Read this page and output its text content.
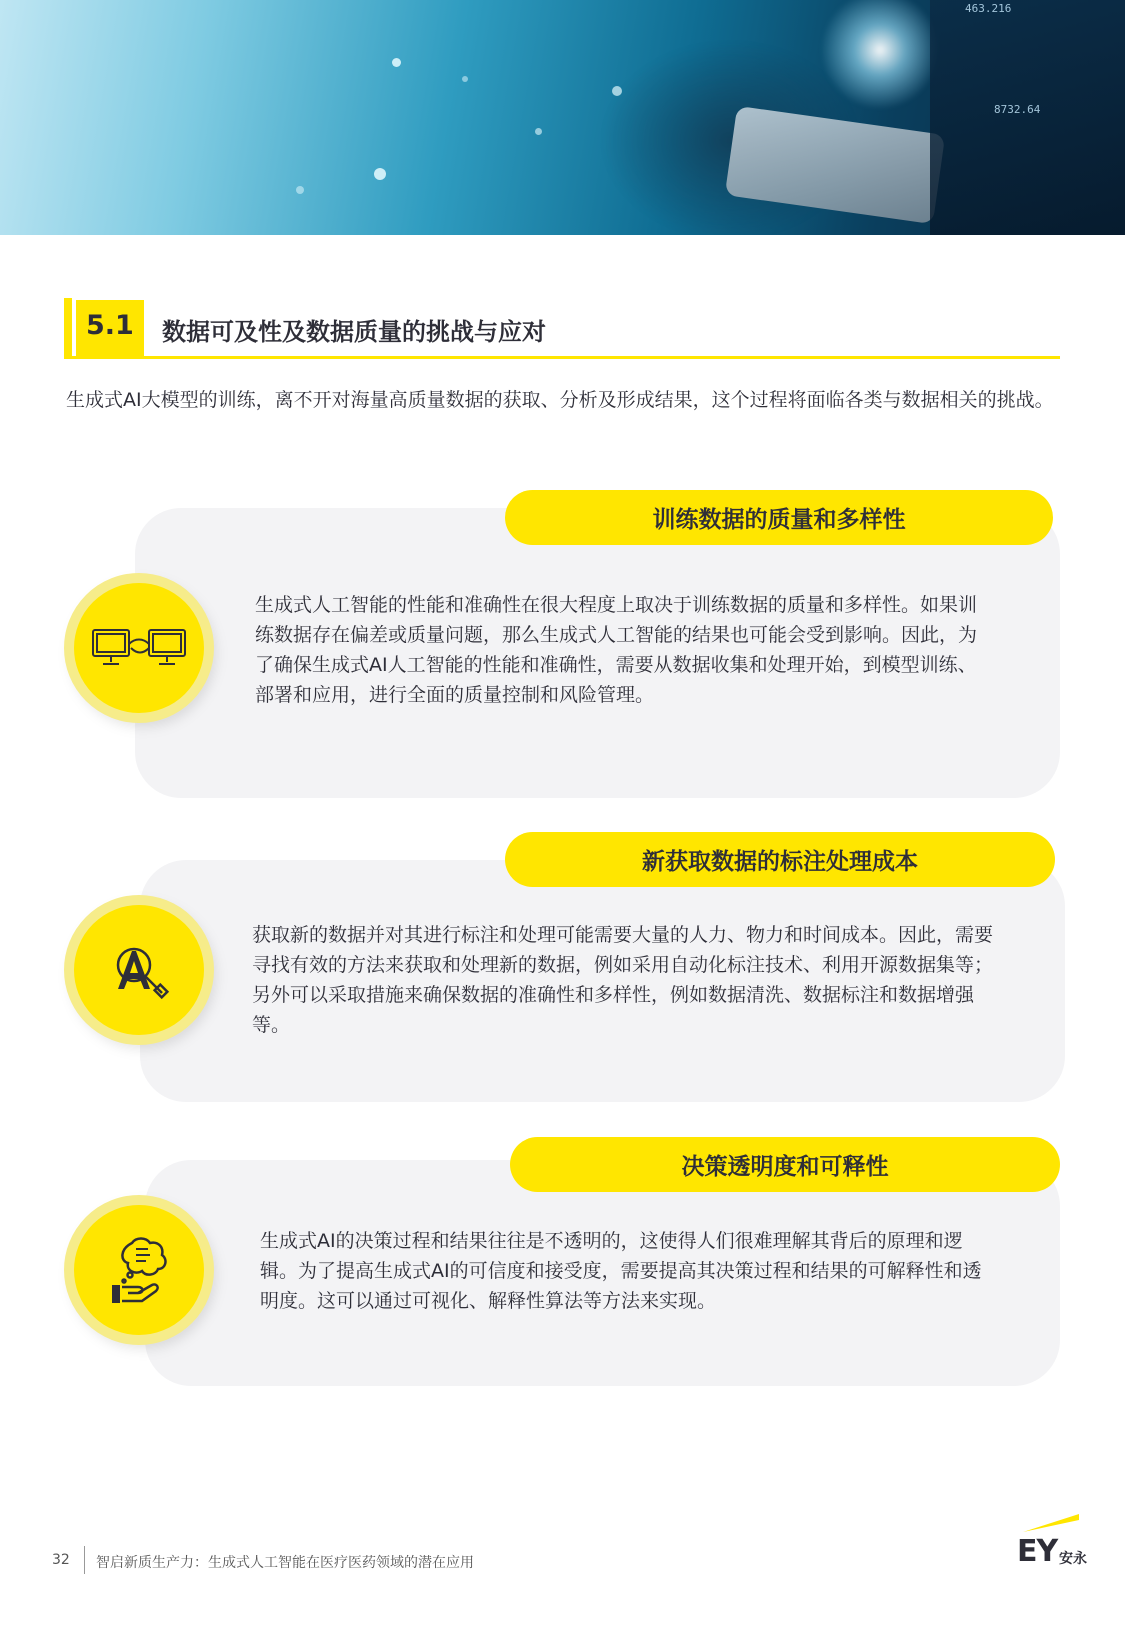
463.216
8732.64
5.1 数据可及性及数据质量的挑战与应对

生成式AI大模型的训练，离不开对海量高质量数据的获取、分析及形成结果，这个过程将面临各类与数据相关的挑战。

训练数据的质量和多样性

生成式人工智能的性能和准确性在很大程度上取决于训练数据的质量和多样性。如果训练数据存在偏差或质量问题，那么生成式人工智能的结果也可能会受到影响。因此，为了确保生成式AI人工智能的性能和准确性，需要从数据收集和处理开始，到模型训练、部署和应用，进行全面的质量控制和风险管理。

新获取数据的标注处理成本

获取新的数据并对其进行标注和处理可能需要大量的人力、物力和时间成本。因此，需要寻找有效的方法来获取和处理新的数据，例如采用自动化标注技术、利用开源数据集等；另外可以采取措施来确保数据的准确性和多样性，例如数据清洗、数据标注和数据增强等。

决策透明度和可释性

生成式AI的决策过程和结果往往是不透明的，这使得人们很难理解其背后的原理和逻辑。为了提高生成式AI的可信度和接受度，需要提高其决策过程和结果的可解释性和透明度。这可以通过可视化、解释性算法等方法来实现。

32 智启新质生产力：生成式人工智能在医疗医药领域的潜在应用	EY 安永
